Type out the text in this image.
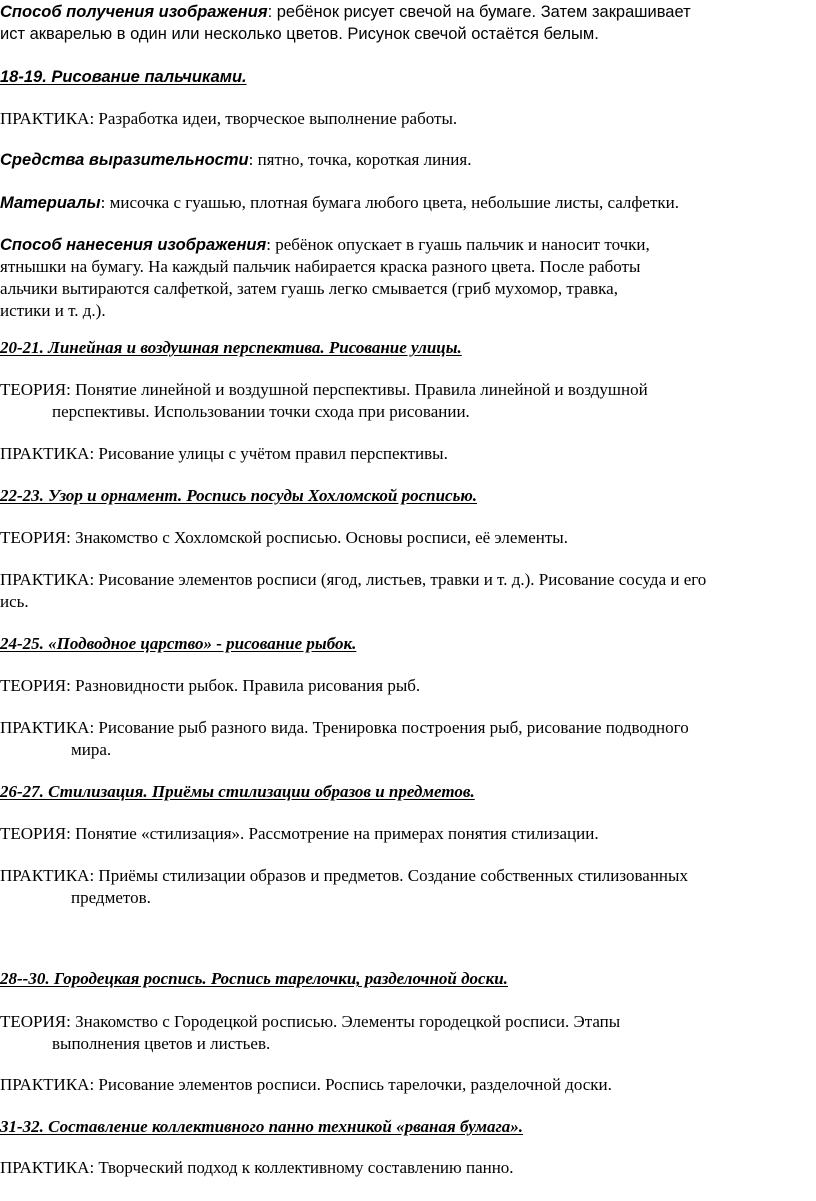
Способ получения изображения: ребёнок рисует свечой на бумаге. Затем закрашивает

ист акварелью в один или несколько цветов. Рисунок свечой остаётся белым.

18-19. Рисование пальчиками.

ПРАКТИКА: Разработка идеи, творческое выполнение работы.

Средства выразительности: пятно, точка, короткая линия.

Материалы: мисочка с гуашью, плотная бумага любого цвета, небольшие листы, салфетки.

Способ нанесения изображения: ребёнок опускает в гуашь пальчик и наносит точки,

ятнышки на бумагу. На каждый пальчик набирается краска разного цвета. После работы

альчики вытираются салфеткой, затем гуашь легко смывается (гриб мухомор, травка,

истики и т. д.).

20-21. Линейная и воздушная перспектива. Рисование улицы.

ТЕОРИЯ: Понятие линейной и воздушной перспективы. Правила линейной и воздушной

перспективы. Использовании точки схода при рисовании.

ПРАКТИКА: Рисование улицы с учётом правил перспективы.

22-23. Узор и орнамент. Роспись посуды Хохломской росписью.

ТЕОРИЯ: Знакомство с Хохломской росписью. Основы росписи, её элементы.

ПРАКТИКА: Рисование элементов росписи (ягод, листьев, травки и т. д.). Рисование сосуда и его

ись.

24-25. «Подводное царство» - рисование рыбок.

ТЕОРИЯ: Разновидности рыбок. Правила рисования рыб.

ПРАКТИКА: Рисование рыб разного вида. Тренировка построения рыб, рисование подводного

мира.

26-27. Стилизация. Приёмы стилизации образов и предметов.

ТЕОРИЯ: Понятие «стилизация». Рассмотрение на примерах понятия стилизации.

ПРАКТИКА: Приёмы стилизации образов и предметов. Создание собственных стилизованных

предметов.

28--30. Городецкая роспись. Роспись тарелочки, разделочной доски.

ТЕОРИЯ: Знакомство с Городецкой росписью. Элементы городецкой росписи. Этапы

выполнения цветов и листьев.

ПРАКТИКА: Рисование элементов росписи. Роспись тарелочки, разделочной доски.

31-32. Составление коллективного панно техникой «рваная бумага».

ПРАКТИКА: Творческий подход к коллективному составлению панно.
